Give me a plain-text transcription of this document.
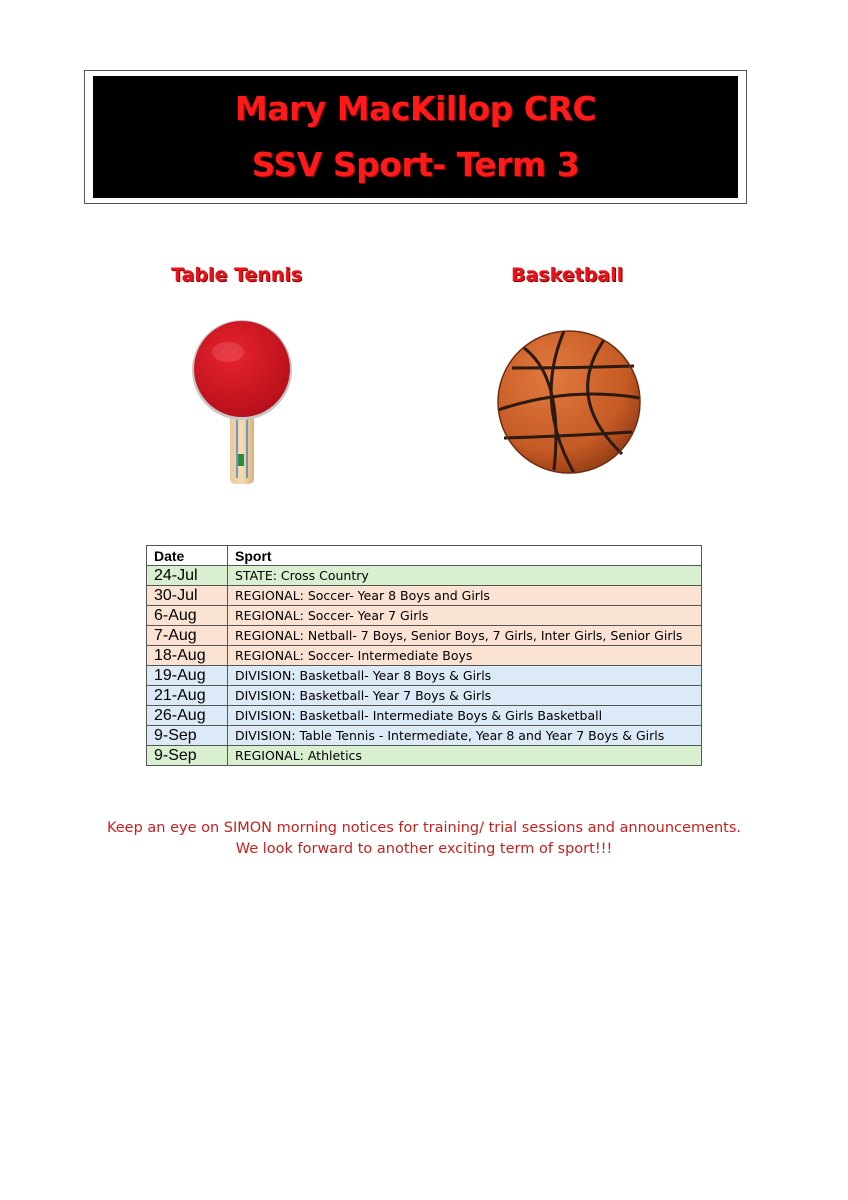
Mary MacKillop CRC
SSV Sport- Term 3
Table Tennis	Basketball
Date	Sport
24-Jul	STATE: Cross Country
30-Jul	REGIONAL: Soccer- Year 8 Boys and Girls
6-Aug	REGIONAL: Soccer- Year 7 Girls
7-Aug	REGIONAL: Netball- 7 Boys, Senior Boys, 7 Girls, Inter Girls, Senior Girls
18-Aug	REGIONAL: Soccer- Intermediate Boys
19-Aug	DIVISION: Basketball- Year 8 Boys & Girls
21-Aug	DIVISION: Basketball- Year 7 Boys & Girls
26-Aug	DIVISION: Basketball- Intermediate Boys & Girls Basketball
9-Sep	DIVISION: Table Tennis - Intermediate, Year 8 and Year 7 Boys & Girls
9-Sep	REGIONAL: Athletics
Keep an eye on SIMON morning notices for training/ trial sessions and announcements.
We look forward to another exciting term of sport!!!
